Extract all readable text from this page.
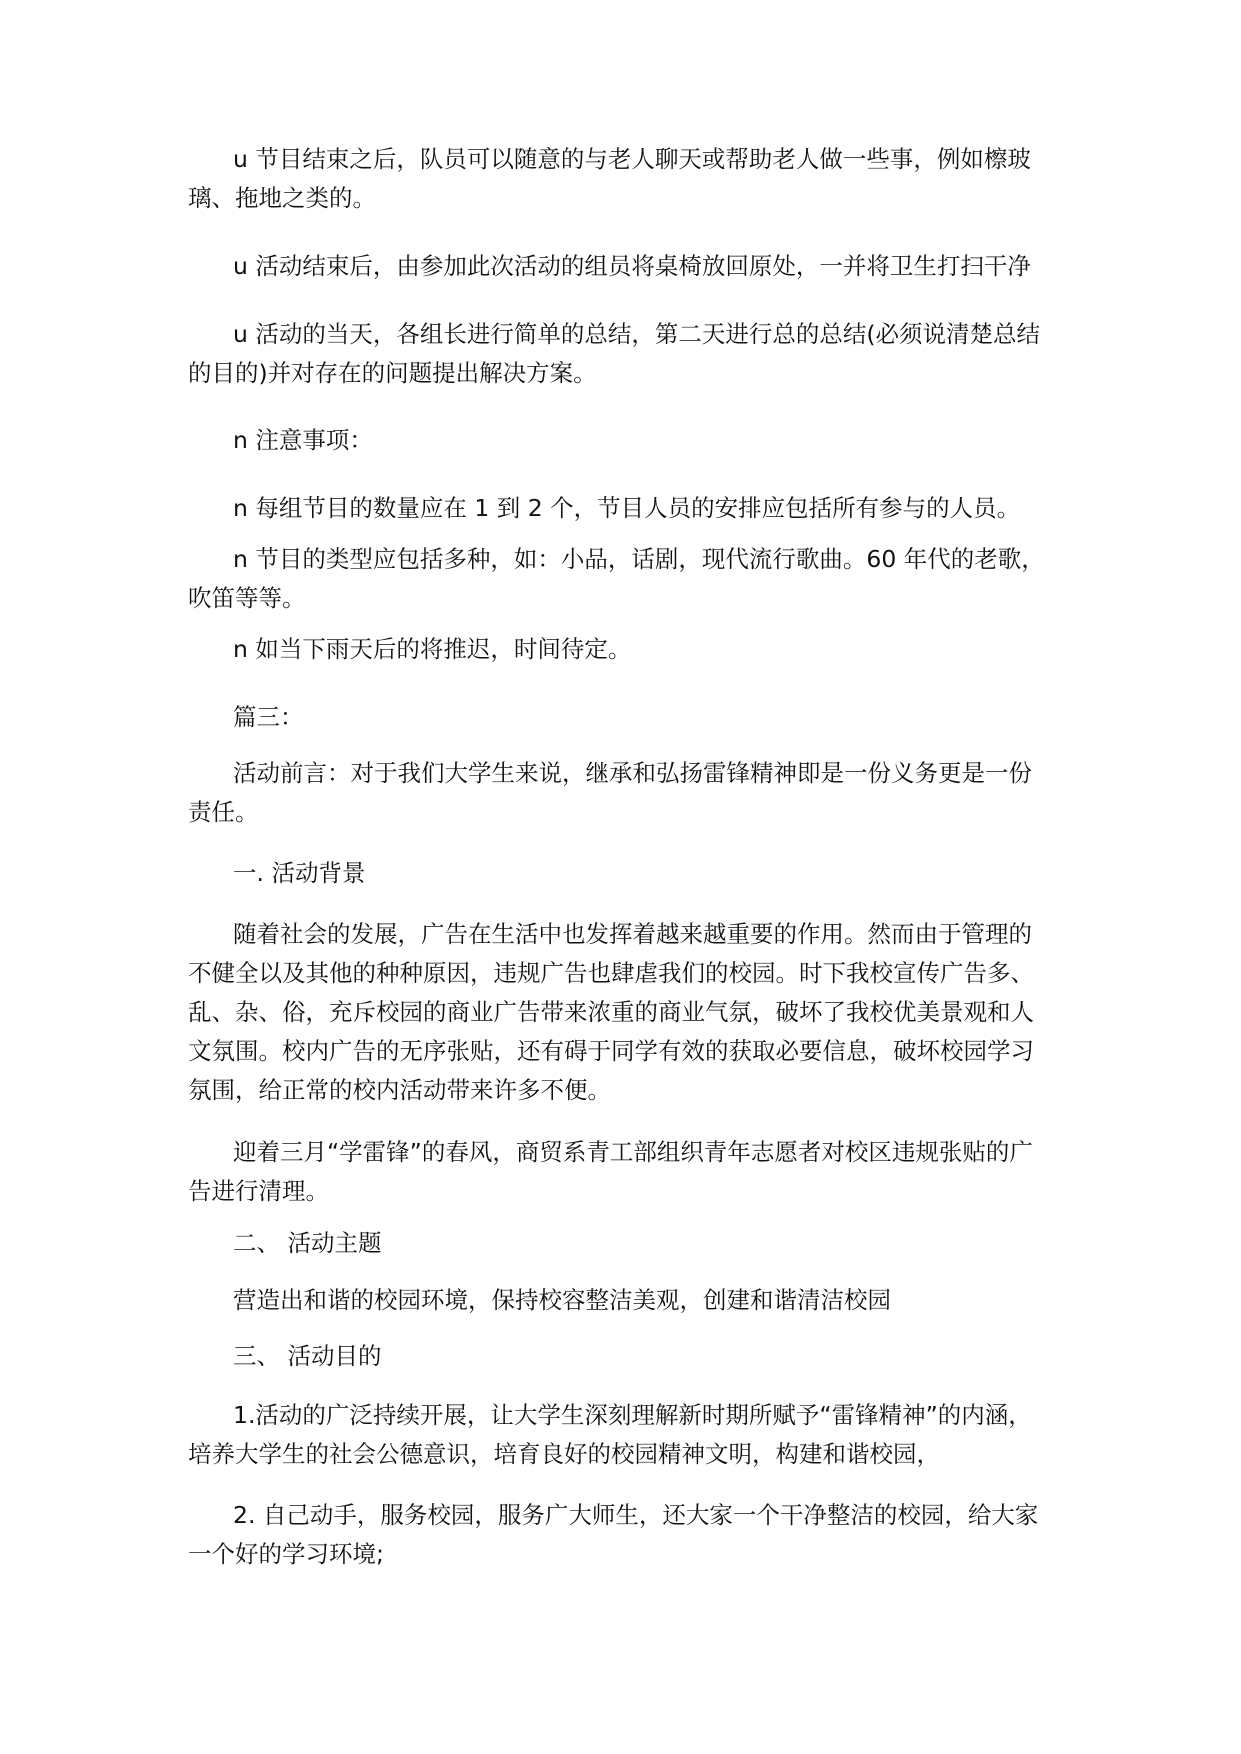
u 节目结束之后，队员可以随意的与老人聊天或帮助老人做一些事，例如檫玻璃、拖地之类的。

u 活动结束后，由参加此次活动的组员将桌椅放回原处，一并将卫生打扫干净

u 活动的当天，各组长进行简单的总结，第二天进行总的总结(必须说清楚总结的目的)并对存在的问题提出解决方案。

n 注意事项：

n 每组节目的数量应在 1 到 2 个，节目人员的安排应包括所有参与的人员。

n 节目的类型应包括多种，如：小品，话剧，现代流行歌曲。60 年代的老歌，吹笛等等。

n 如当下雨天后的将推迟，时间待定。

篇三：

活动前言：对于我们大学生来说，继承和弘扬雷锋精神即是一份义务更是一份责任。

一. 活动背景

随着社会的发展，广告在生活中也发挥着越来越重要的作用。然而由于管理的不健全以及其他的种种原因，违规广告也肆虐我们的校园。时下我校宣传广告多、乱、杂、俗，充斥校园的商业广告带来浓重的商业气氛，破坏了我校优美景观和人文氛围。校内广告的无序张贴，还有碍于同学有效的获取必要信息，破坏校园学习氛围，给正常的校内活动带来许多不便。

迎着三月“学雷锋”的春风，商贸系青工部组织青年志愿者对校区违规张贴的广告进行清理。

二、 活动主题

营造出和谐的校园环境，保持校容整洁美观，创建和谐清洁校园

三、 活动目的

1.活动的广泛持续开展，让大学生深刻理解新时期所赋予“雷锋精神”的内涵，培养大学生的社会公德意识，培育良好的校园精神文明，构建和谐校园，

2. 自己动手，服务校园，服务广大师生，还大家一个干净整洁的校园，给大家一个好的学习环境;
